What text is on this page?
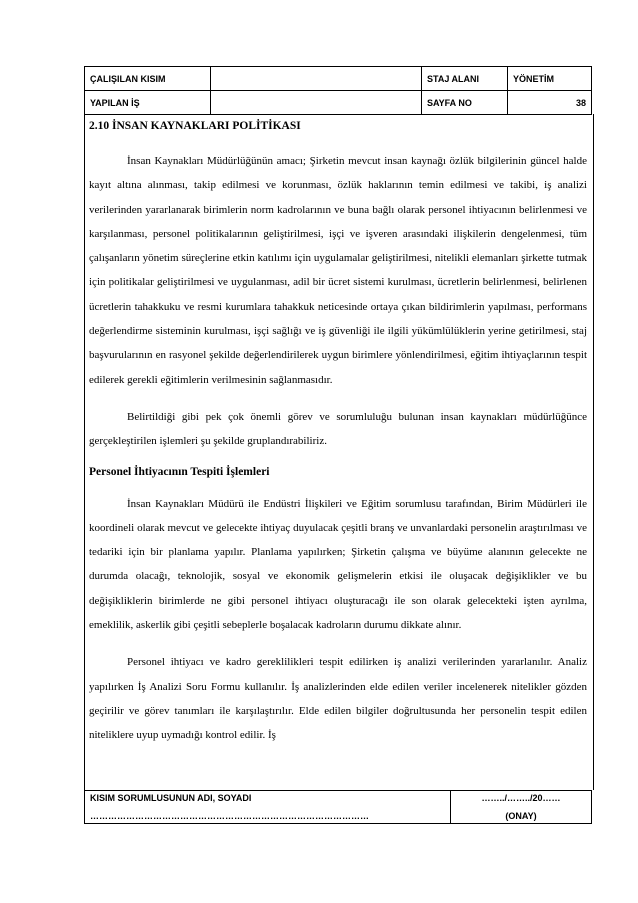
ÇALIŞILAN KISIM		STAJ ALANI	YÖNETİM
YAPILAN İŞ		SAYFA NO	38
2.10 İNSAN KAYNAKLARI POLİTİKASI

İnsan Kaynakları Müdürlüğünün amacı; Şirketin mevcut insan kaynağı özlük bilgilerinin güncel halde kayıt altına alınması, takip edilmesi ve korunması, özlük haklarının temin edilmesi ve takibi, iş analizi verilerinden yararlanarak birimlerin norm kadrolarının ve buna bağlı olarak personel ihtiyacının belirlenmesi ve karşılanması, personel politikalarının geliştirilmesi, işçi ve işveren arasındaki ilişkilerin dengelenmesi, tüm çalışanların yönetim süreçlerine etkin katılımı için uygulamalar geliştirilmesi, nitelikli elemanları şirkette tutmak için politikalar geliştirilmesi ve uygulanması, adil bir ücret sistemi kurulması, ücretlerin belirlenmesi, belirlenen ücretlerin tahakkuku ve resmi kurumlara tahakkuk neticesinde ortaya çıkan bildirimlerin yapılması, performans değerlendirme sisteminin kurulması, işçi sağlığı ve iş güvenliği ile ilgili yükümlülüklerin yerine getirilmesi, staj başvurularının en rasyonel şekilde değerlendirilerek uygun birimlere yönlendirilmesi, eğitim ihtiyaçlarının tespit edilerek gerekli eğitimlerin verilmesinin sağlanmasıdır.

Belirtildiği gibi pek çok önemli görev ve sorumluluğu bulunan insan kaynakları müdürlüğünce gerçekleştirilen işlemleri şu şekilde gruplandırabiliriz.

Personel İhtiyacının Tespiti İşlemleri

İnsan Kaynakları Müdürü ile Endüstri İlişkileri ve Eğitim sorumlusu tarafından, Birim Müdürleri ile koordineli olarak mevcut ve gelecekte ihtiyaç duyulacak çeşitli branş ve unvanlardaki personelin araştırılması ve tedariki için bir planlama yapılır. Planlama yapılırken; Şirketin çalışma ve büyüme alanının gelecekte ne durumda olacağı, teknolojik, sosyal ve ekonomik gelişmelerin etkisi ile oluşacak değişiklikler ve bu değişikliklerin birimlerde ne gibi personel ihtiyacı oluşturacağı ile son olarak gelecekteki işten ayrılma, emeklilik, askerlik gibi çeşitli sebeplerle boşalacak kadroların durumu dikkate alınır.

Personel ihtiyacı ve kadro gereklilikleri tespit edilirken iş analizi verilerinden yararlanılır. Analiz yapılırken İş Analizi Soru Formu kullanılır. İş analizlerinden elde edilen veriler incelenerek nitelikler gözden geçirilir ve görev tanımları ile karşılaştırılır. Elde edilen bilgiler doğrultusunda her personelin tespit edilen niteliklere uyup uymadığı kontrol edilir. İş

KISIM SORUMLUSUNUN ADI, SOYADI
…………………………………………………………………………………

……../……../20……
(ONAY)
